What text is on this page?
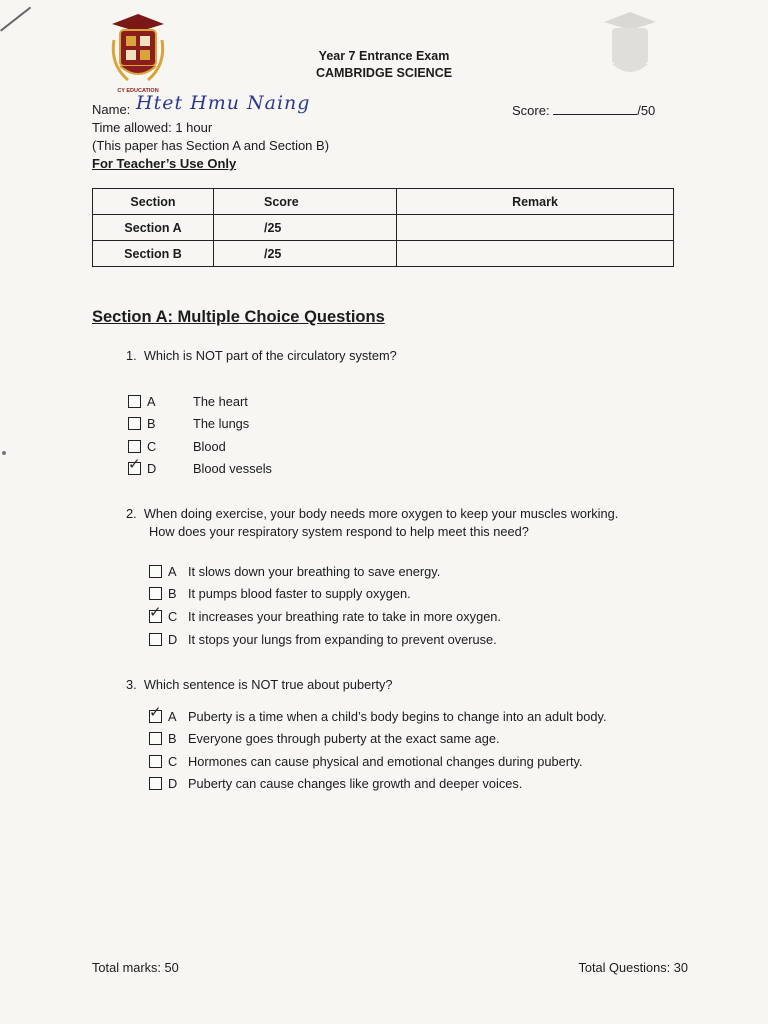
CY EDUCATION
Year 7 Entrance Exam
CAMBRIDGE SCIENCE
Name: Htet Hmu Naing	Score:	/50
Time allowed: 1 hour
(This paper has Section A and Section B)
For Teacher’s Use Only
Section	Score	Remark
Section A	/25	
Section B	/25	
Section A: Multiple Choice Questions
1. Which is NOT part of the circulatory system?
A	The heart
B	The lungs
C	Blood
✓ D	Blood vessels
2. When doing exercise, your body needs more oxygen to keep your muscles working.
How does your respiratory system respond to help meet this need?
A It slows down your breathing to save energy.
B It pumps blood faster to supply oxygen.
✓ C It increases your breathing rate to take in more oxygen.
D It stops your lungs from expanding to prevent overuse.
3. Which sentence is NOT true about puberty?
✓ A Puberty is a time when a child’s body begins to change into an adult body.
B Everyone goes through puberty at the exact same age.
C Hormones can cause physical and emotional changes during puberty.
D Puberty can cause changes like growth and deeper voices.
Total marks: 50	Total Questions: 30
